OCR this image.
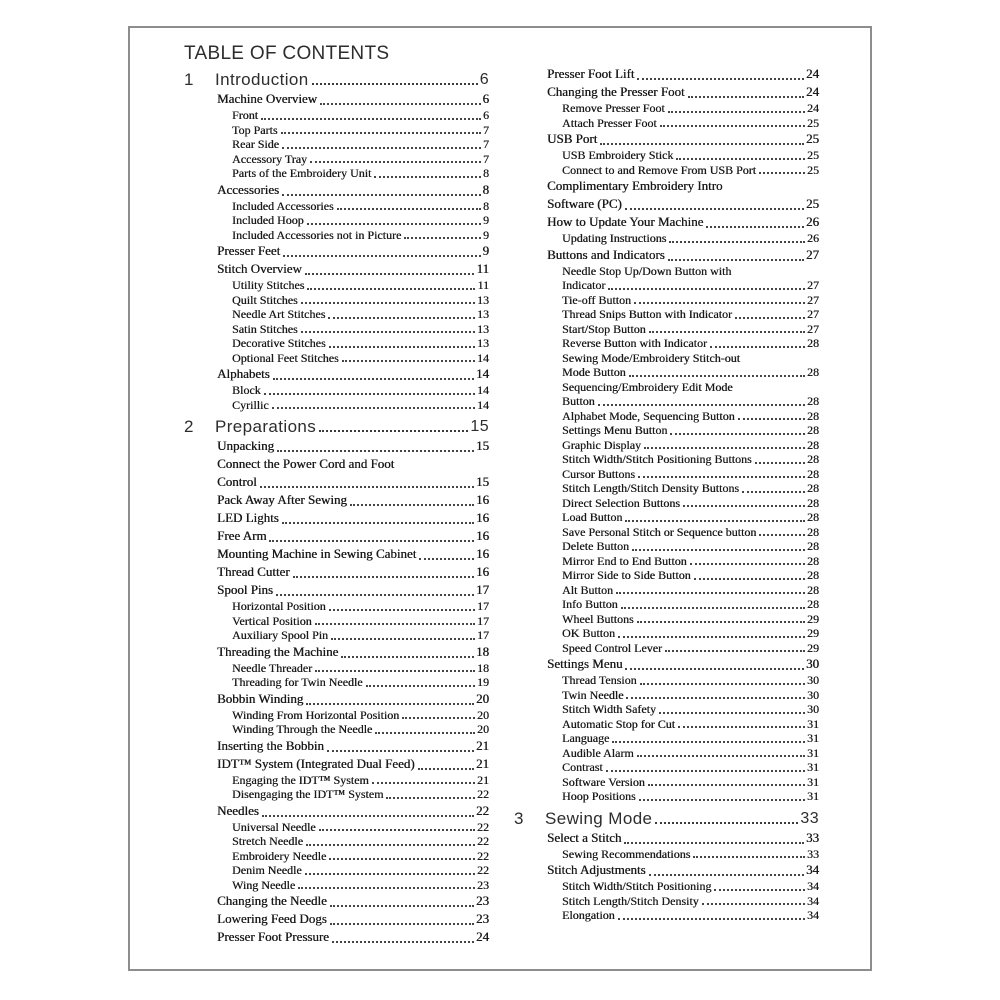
TABLE OF CONTENTS
1	Introduction	6
Machine Overview	6
Front	6
Top Parts	7
Rear Side	7
Accessory Tray	7
Parts of the Embroidery Unit	8
Accessories	8
Included Accessories	8
Included Hoop	9
Included Accessories not in Picture	9
Presser Feet	9
Stitch Overview	11
Utility Stitches	11
Quilt Stitches	13
Needle Art Stitches	13
Satin Stitches	13
Decorative Stitches	13
Optional Feet Stitches	14
Alphabets	14
Block	14
Cyrillic	14
2	Preparations	15
Unpacking	15
Connect the Power Cord and Foot
Control	15
Pack Away After Sewing	16
LED Lights	16
Free Arm	16
Mounting Machine in Sewing Cabinet	16
Thread Cutter	16
Spool Pins	17
Horizontal Position	17
Vertical Position	17
Auxiliary Spool Pin	17
Threading the Machine	18
Needle Threader	18
Threading for Twin Needle	19
Bobbin Winding	20
Winding From Horizontal Position	20
Winding Through the Needle	20
Inserting the Bobbin	21
IDT™ System (Integrated Dual Feed)	21
Engaging the IDT™ System	21
Disengaging the IDT™ System	22
Needles	22
Universal Needle	22
Stretch Needle	22
Embroidery Needle	22
Denim Needle	22
Wing Needle	23
Changing the Needle	23
Lowering Feed Dogs	23
Presser Foot Pressure	24
Presser Foot Lift	24
Changing the Presser Foot	24
Remove Presser Foot	24
Attach Presser Foot	25
USB Port	25
USB Embroidery Stick	25
Connect to and Remove From USB Port	25
Complimentary Embroidery Intro
Software (PC)	25
How to Update Your Machine	26
Updating Instructions	26
Buttons and Indicators	27
Needle Stop Up/Down Button with
Indicator	27
Tie-off Button	27
Thread Snips Button with Indicator	27
Start/Stop Button	27
Reverse Button with Indicator	28
Sewing Mode/Embroidery Stitch-out
Mode Button	28
Sequencing/Embroidery Edit Mode
Button	28
Alphabet Mode, Sequencing Button	28
Settings Menu Button	28
Graphic Display	28
Stitch Width/Stitch Positioning Buttons	28
Cursor Buttons	28
Stitch Length/Stitch Density Buttons	28
Direct Selection Buttons	28
Load Button	28
Save Personal Stitch or Sequence button	28
Delete Button	28
Mirror End to End Button	28
Mirror Side to Side Button	28
Alt Button	28
Info Button	28
Wheel Buttons	29
OK Button	29
Speed Control Lever	29
Settings Menu	30
Thread Tension	30
Twin Needle	30
Stitch Width Safety	30
Automatic Stop for Cut	31
Language	31
Audible Alarm	31
Contrast	31
Software Version	31
Hoop Positions	31
3	Sewing Mode	33
Select a Stitch	33
Sewing Recommendations	33
Stitch Adjustments	34
Stitch Width/Stitch Positioning	34
Stitch Length/Stitch Density	34
Elongation	34
